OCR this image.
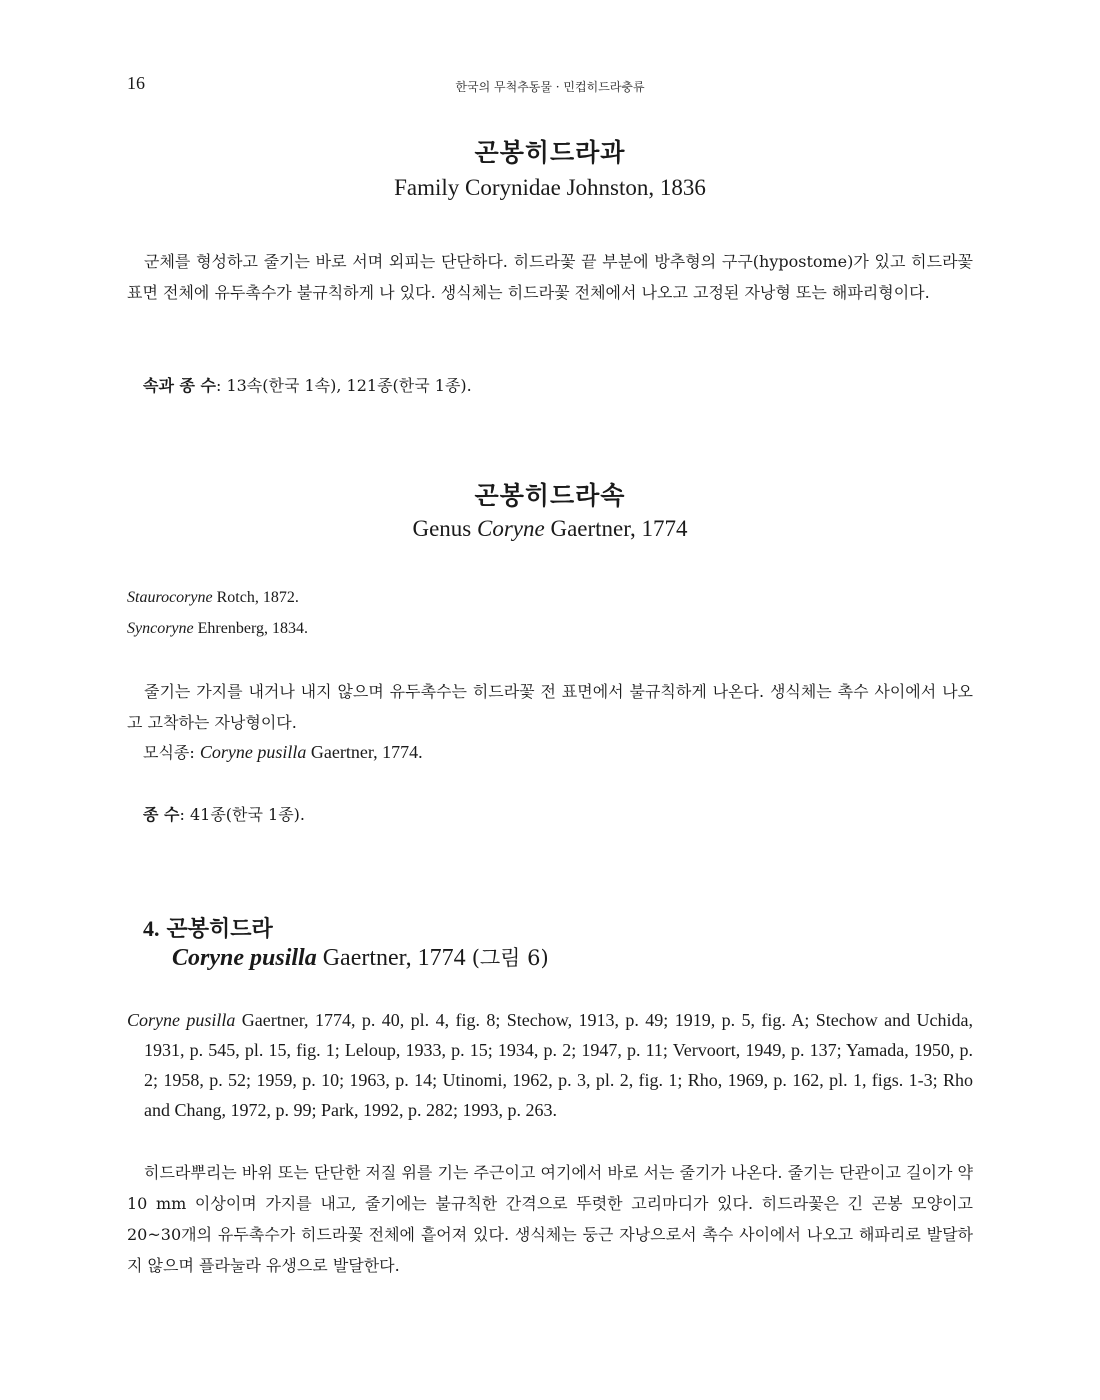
16	한국의 무척추동물 · 민컵히드라충류
곤봉히드라과
Family Corynidae Johnston, 1836
군체를 형성하고 줄기는 바로 서며 외피는 단단하다. 히드라꽃 끝 부분에 방추형의 구구(hypostome)가 있고 히드라꽃 표면 전체에 유두촉수가 불규칙하게 나 있다. 생식체는 히드라꽃 전체에서 나오고 고정된 자낭형 또는 해파리형이다.
속과 종 수: 13속(한국 1속), 121종(한국 1종).
곤봉히드라속
Genus Coryne Gaertner, 1774
Staurocoryne Rotch, 1872.
Syncoryne Ehrenberg, 1834.
줄기는 가지를 내거나 내지 않으며 유두촉수는 히드라꽃 전 표면에서 불규칙하게 나온다. 생식체는 촉수 사이에서 나오고 고착하는 자낭형이다.
모식종: Coryne pusilla Gaertner, 1774.
종 수: 41종(한국 1종).
4. 곤봉히드라
Coryne pusilla Gaertner, 1774 (그림 6)
Coryne pusilla Gaertner, 1774, p. 40, pl. 4, fig. 8; Stechow, 1913, p. 49; 1919, p. 5, fig. A; Stechow and Uchida, 1931, p. 545, pl. 15, fig. 1; Leloup, 1933, p. 15; 1934, p. 2; 1947, p. 11; Vervoort, 1949, p. 137; Yamada, 1950, p. 2; 1958, p. 52; 1959, p. 10; 1963, p. 14; Utinomi, 1962, p. 3, pl. 2, fig. 1; Rho, 1969, p. 162, pl. 1, figs. 1-3; Rho and Chang, 1972, p. 99; Park, 1992, p. 282; 1993, p. 263.
히드라뿌리는 바위 또는 단단한 저질 위를 기는 주근이고 여기에서 바로 서는 줄기가 나온다. 줄기는 단관이고 길이가 약 10 mm 이상이며 가지를 내고, 줄기에는 불규칙한 간격으로 뚜렷한 고리마디가 있다. 히드라꽃은 긴 곤봉 모양이고 20~30개의 유두촉수가 히드라꽃 전체에 흩어져 있다. 생식체는 둥근 자낭으로서 촉수 사이에서 나오고 해파리로 발달하지 않으며 플라눌라 유생으로 발달한다.
